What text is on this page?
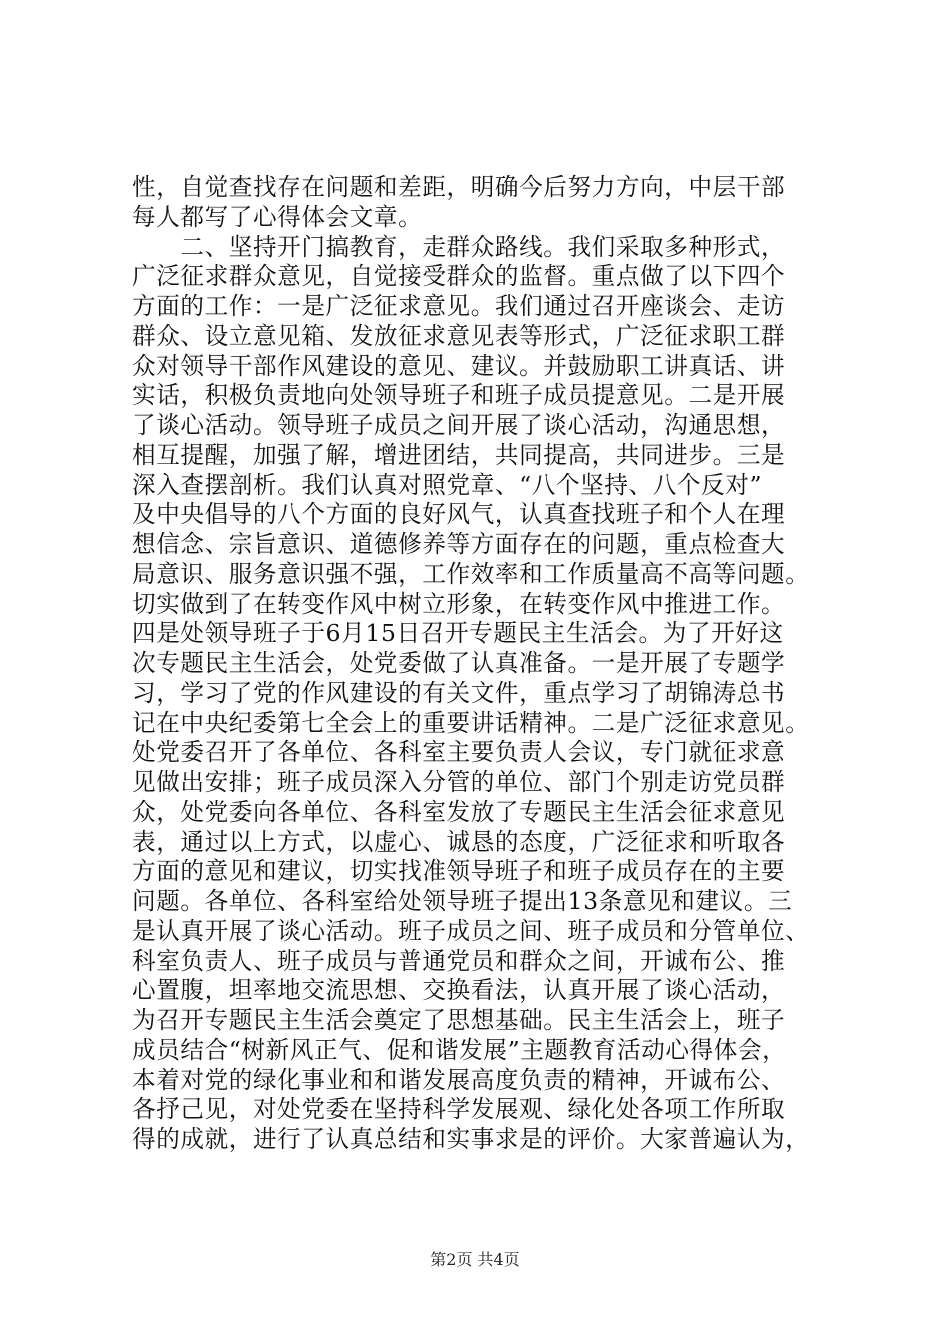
性，自觉查找存在问题和差距，明确今后努力方向，中层干部
每人都写了心得体会文章。
　　二、坚持开门搞教育，走群众路线。我们采取多种形式，
广泛征求群众意见，自觉接受群众的监督。重点做了以下四个
方面的工作：一是广泛征求意见。我们通过召开座谈会、走访
群众、设立意见箱、发放征求意见表等形式，广泛征求职工群
众对领导干部作风建设的意见、建议。并鼓励职工讲真话、讲
实话，积极负责地向处领导班子和班子成员提意见。二是开展
了谈心活动。领导班子成员之间开展了谈心活动，沟通思想，
相互提醒，加强了解，增进团结，共同提高，共同进步。三是
深入查摆剖析。我们认真对照党章、“八个坚持、八个反对”
及中央倡导的八个方面的良好风气，认真查找班子和个人在理
想信念、宗旨意识、道德修养等方面存在的问题，重点检查大
局意识、服务意识强不强，工作效率和工作质量高不高等问题。
切实做到了在转变作风中树立形象，在转变作风中推进工作。
四是处领导班子于6月15日召开专题民主生活会。为了开好这
次专题民主生活会，处党委做了认真准备。一是开展了专题学
习，学习了党的作风建设的有关文件，重点学习了胡锦涛总书
记在中央纪委第七全会上的重要讲话精神。二是广泛征求意见。
处党委召开了各单位、各科室主要负责人会议，专门就征求意
见做出安排；班子成员深入分管的单位、部门个别走访党员群
众，处党委向各单位、各科室发放了专题民主生活会征求意见
表，通过以上方式，以虚心、诚恳的态度，广泛征求和听取各
方面的意见和建议，切实找准领导班子和班子成员存在的主要
问题。各单位、各科室给处领导班子提出13条意见和建议。三
是认真开展了谈心活动。班子成员之间、班子成员和分管单位、
科室负责人、班子成员与普通党员和群众之间，开诚布公、推
心置腹，坦率地交流思想、交换看法，认真开展了谈心活动，
为召开专题民主生活会奠定了思想基础。民主生活会上，班子
成员结合“树新风正气、促和谐发展”主题教育活动心得体会，
本着对党的绿化事业和和谐发展高度负责的精神，开诚布公、
各抒己见，对处党委在坚持科学发展观、绿化处各项工作所取
得的成就，进行了认真总结和实事求是的评价。大家普遍认为，
第2页 共4页
